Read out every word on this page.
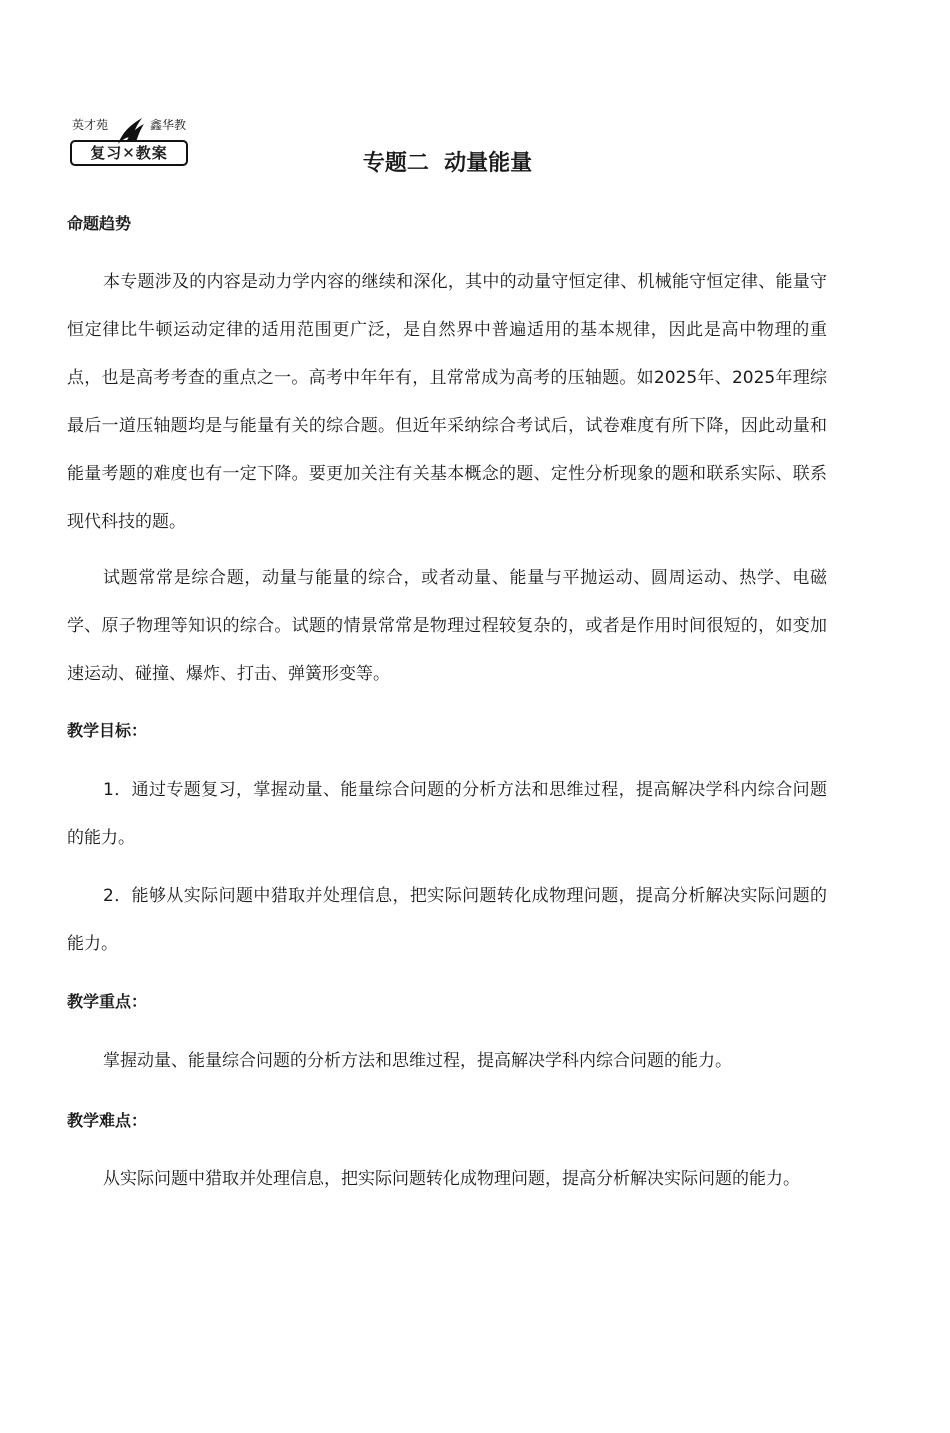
英才苑	鑫华教
复习✕教案	专题二  动量能量
命题趋势

本专题涉及的内容是动力学内容的继续和深化，其中的动量守恒定律、机械能守恒定律、能量守恒定律比牛顿运动定律的适用范围更广泛，是自然界中普遍适用的基本规律，因此是高中物理的重点，也是高考考查的重点之一。高考中年年有，且常常成为高考的压轴题。如2025年、2025年理综最后一道压轴题均是与能量有关的综合题。但近年采纳综合考试后，试卷难度有所下降，因此动量和能量考题的难度也有一定下降。要更加关注有关基本概念的题、定性分析现象的题和联系实际、联系现代科技的题。

试题常常是综合题，动量与能量的综合，或者动量、能量与平抛运动、圆周运动、热学、电磁学、原子物理等知识的综合。试题的情景常常是物理过程较复杂的，或者是作用时间很短的，如变加速运动、碰撞、爆炸、打击、弹簧形变等。

教学目标：

1．通过专题复习，掌握动量、能量综合问题的分析方法和思维过程，提高解决学科内综合问题的能力。

2．能够从实际问题中猎取并处理信息，把实际问题转化成物理问题，提高分析解决实际问题的能力。

教学重点：

掌握动量、能量综合问题的分析方法和思维过程，提高解决学科内综合问题的能力。

教学难点：

从实际问题中猎取并处理信息，把实际问题转化成物理问题，提高分析解决实际问题的能力。
